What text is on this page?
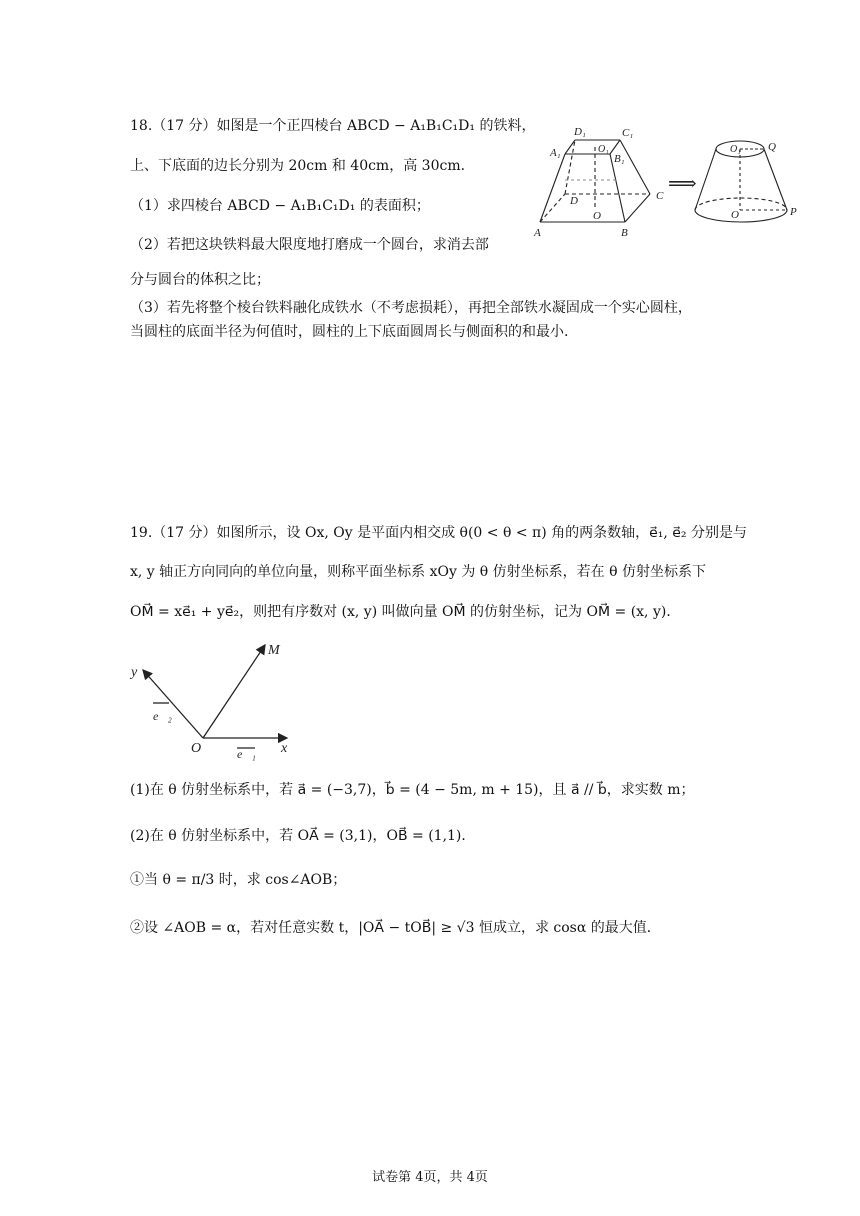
18.（17 分）如图是一个正四棱台 ABCD − A₁B₁C₁D₁ 的铁料，
上、下底面的边长分别为 20cm 和 40cm，高 30cm．
（1）求四棱台 ABCD − A₁B₁C₁D₁ 的表面积；
（2）若把这块铁料最大限度地打磨成一个圆台，求消去部
分与圆台的体积之比；
（3）若先将整个棱台铁料融化成铁水（不考虑损耗），再把全部铁水凝固成一个实心圆柱，
当圆柱的底面半径为何值时，圆柱的上下底面圆周长与侧面积的和最小.
D₁	C₁
A₁	O₁
B₁
D
O
C
A	B
⟹
O₁ Q
O	P
19.（17 分）如图所示，设 Ox, Oy 是平面内相交成 θ(0 < θ < π) 角的两条数轴，e⃗₁, e⃗₂ 分别是与
x, y 轴正方向同向的单位向量，则称平面坐标系 xOy 为 θ 仿射坐标系，若在 θ 仿射坐标系下
OM⃗ = xe⃗₁ + ye⃗₂，则把有序数对 (x, y) 叫做向量 OM⃗ 的仿射坐标，记为 OM⃗ = (x, y)．
y
M
e⃗₂
O	e⃗₁ x
(1)在 θ 仿射坐标系中，若 a⃗ = (−3,7)，b⃗ = (4 − 5m, m + 15)，且 a⃗ // b⃗，求实数 m；
(2)在 θ 仿射坐标系中，若 OA⃗ = (3,1)，OB⃗ = (1,1)．
①当 θ = π/3 时，求 cos∠AOB；
②设 ∠AOB = α，若对任意实数 t，|OA⃗ − tOB⃗| ≥ √3 恒成立，求 cosα 的最大值．
试卷第 4页，共 4页
